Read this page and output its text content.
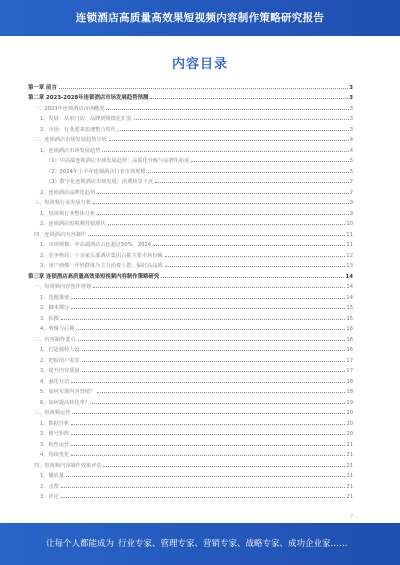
连锁酒店高质量高效果短视频内容制作策略研究报告
内容目录
第一章 前言	3
第二章 2023-2028年连锁酒店市场发展趋势预测	3
一、2023年连锁酒店市场概况	3
1、发展：从单门店、品牌到规模化扩张	3
2、市场：行业迎来加速整合时代	3
二、连锁酒店市场发展趋势分析	4
1、连锁酒店市场发展趋势	4
（1）中高端连锁酒店市场发展趋势：品质化升级与品牌化拓展	5
（2）2024年上半年连锁酒店行业市场规模	5
（3）数字化连锁酒店市场发展：消费场景下沉	7
2、连锁酒店品牌化趋势	7
三、短视频行业发展分析	9
1、短视频行业整体分析	9
2、连锁酒店短视频营销现状	10
四、连锁酒店内容制作	11
1、市场规模：中高端酒店占比超过50%，2024	11
2、竞争格局：十余家头部酒店集团占据主要市场份额	12
3、用户画像：年轻群体为主力消费人群，偏好高品质	13
第三章 连锁酒店高质量高效果短视频内容制作策略研究	14
一、短视频内容创作规划	14
1、选题策划	14
2、脚本撰写	15
3、拍摄	15
4、剪辑与后期	16
二、内容制作要点	16
1、打造独特人设	16
2、把握用户需求	17
3、提升内容质量	17
4、强化互动	18
5、如何实现内容营销？	18
6、如何提高转化率？	19
三、短视频运营	20
1、数据分析	20
2、账号矩阵	20
3、粉丝运营	21
4、持续优化	21
四、短视频内容制作效果评估	21
1、播放量	21
2、点赞	21
3、评论	21
2
让每个人都能成为 行业专家、管理专家、营销专家、战略专家、成功企业家……
